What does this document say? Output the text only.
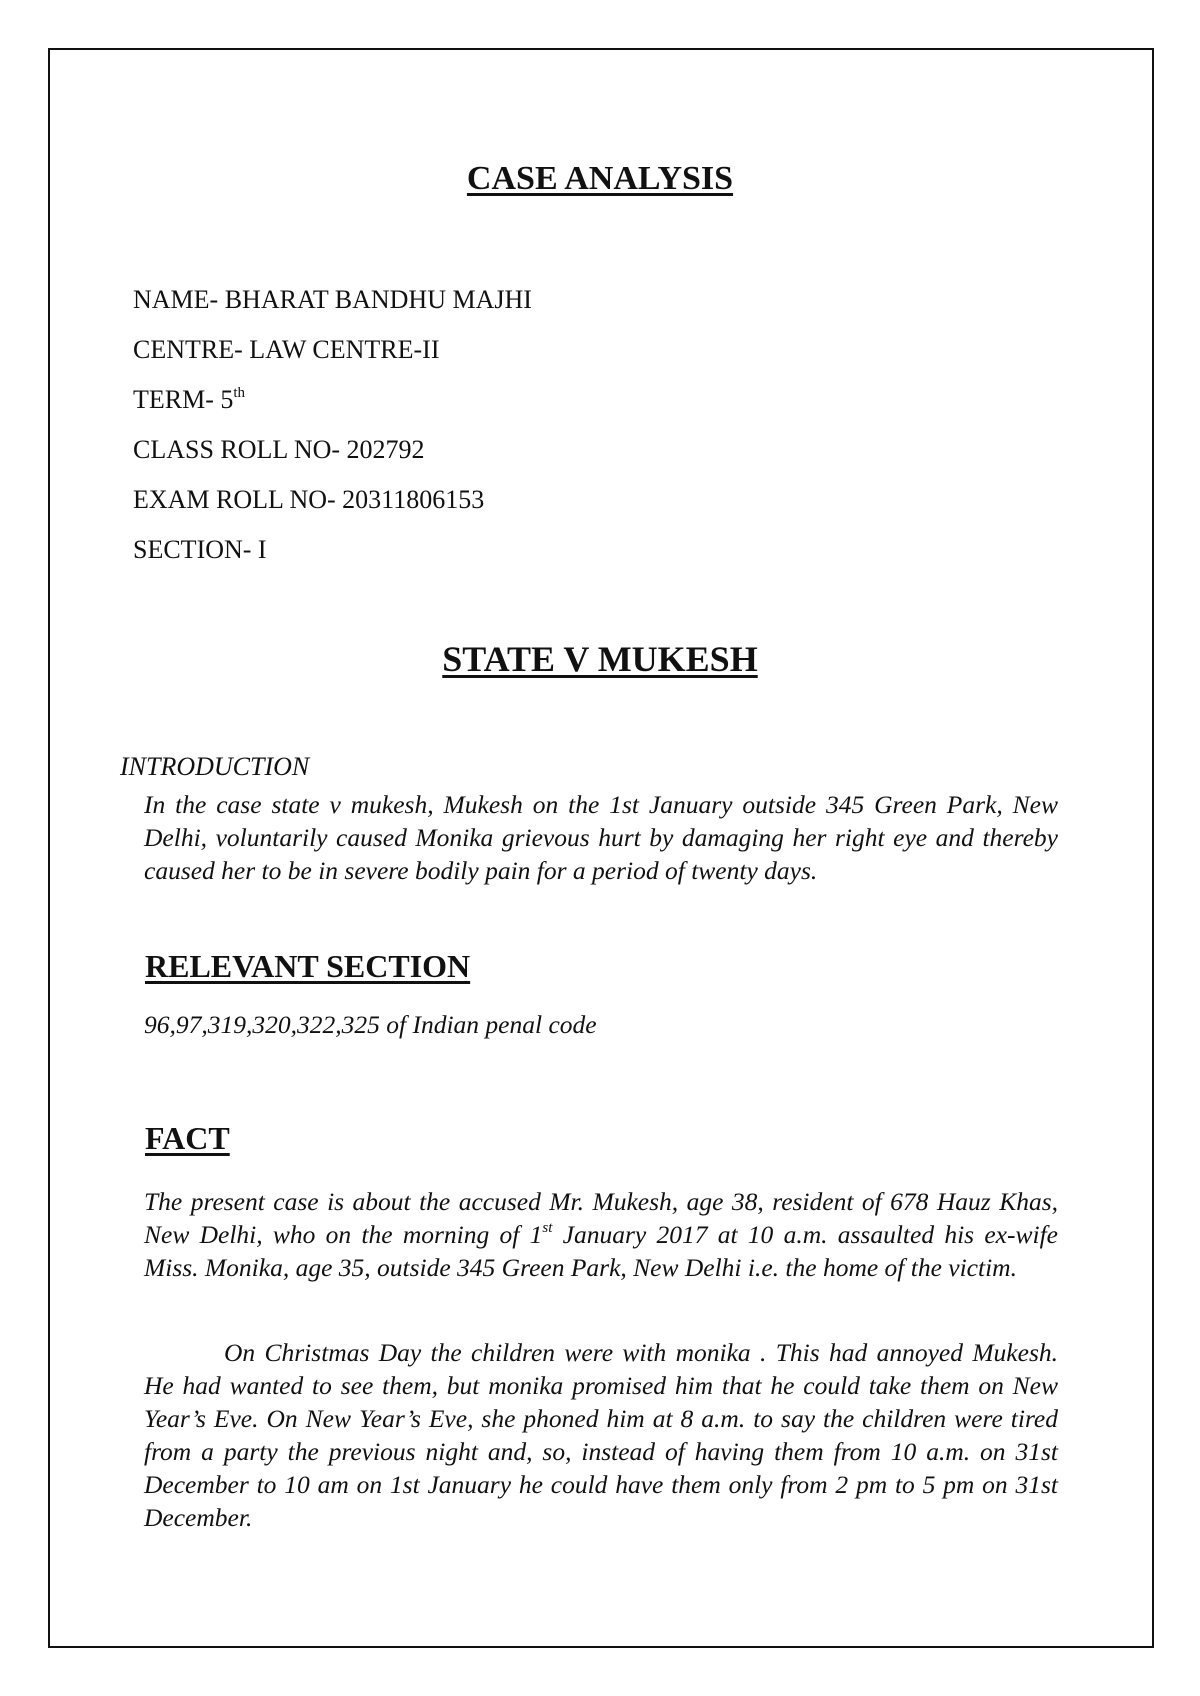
CASE ANALYSIS
NAME- BHARAT BANDHU MAJHI
CENTRE- LAW CENTRE-II
TERM- 5th
CLASS ROLL NO- 202792
EXAM ROLL NO- 20311806153
SECTION- I
STATE V MUKESH
INTRODUCTION
In the case state v mukesh, Mukesh on the 1st January outside 345 Green Park, New Delhi, voluntarily caused Monika grievous hurt by damaging her right eye and thereby caused her to be in severe bodily pain for a period of twenty days.
RELEVANT SECTION
96,97,319,320,322,325 of Indian penal code
FACT
The present case is about the accused Mr. Mukesh, age 38, resident of 678 Hauz Khas, New Delhi, who on the morning of 1st January 2017 at 10 a.m. assaulted his ex-wife Miss. Monika, age 35, outside 345 Green Park, New Delhi i.e. the home of the victim.
On Christmas Day the children were with monika . This had annoyed Mukesh. He had wanted to see them, but monika promised him that he could take them on New Year’s Eve. On New Year’s Eve, she phoned him at 8 a.m. to say the children were tired from a party the previous night and, so, instead of having them from 10 a.m. on 31st December to 10 am on 1st January he could have them only from 2 pm to 5 pm on 31st December.
